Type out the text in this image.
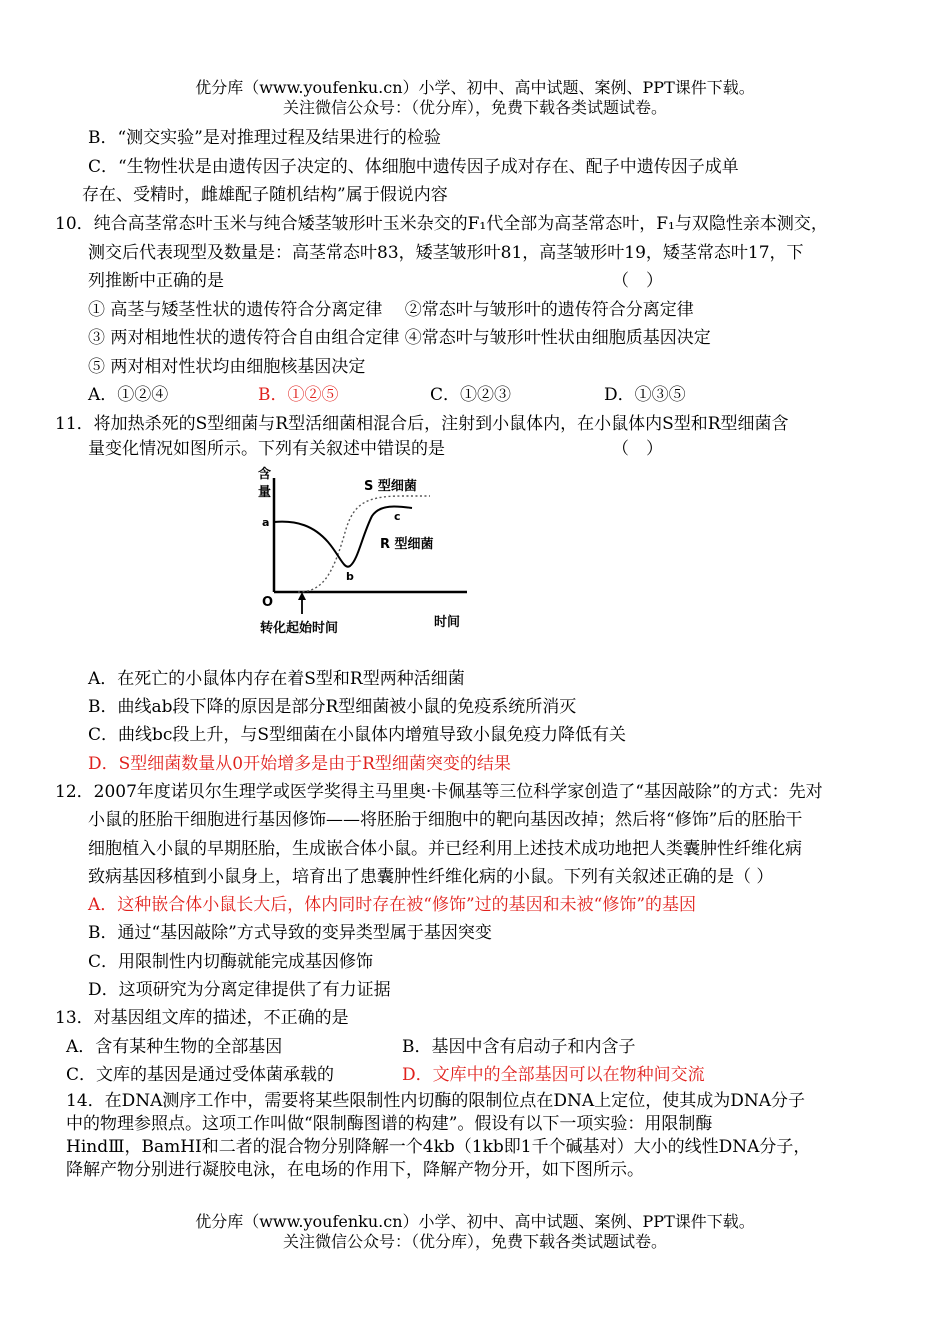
优分库（www.youfenku.cn）小学、初中、高中试题、案例、PPT课件下载。
关注微信公众号：（优分库），免费下载各类试题试卷。
B．“测交实验”是对推理过程及结果进行的检验
C．“生物性状是由遗传因子决定的、体细胞中遗传因子成对存在、配子中遗传因子成单
存在、受精时，雌雄配子随机结构”属于假说内容
10．纯合高茎常态叶玉米与纯合矮茎皱形叶玉米杂交的F₁代全部为高茎常态叶，F₁与双隐性亲本测交，
测交后代表现型及数量是：高茎常态叶83，矮茎皱形叶81，高茎皱形叶19，矮茎常态叶17，下
列推断中正确的是	（　）
① 高茎与矮茎性状的遗传符合分离定律　 ②常态叶与皱形叶的遗传符合分离定律
③ 两对相地性状的遗传符合自由组合定律 ④常态叶与皱形叶性状由细胞质基因决定
⑤ 两对相对性状均由细胞核基因决定
A．①②④	B．①②⑤	C．①②③	D．①③⑤
11．将加热杀死的S型细菌与R型活细菌相混合后，注射到小鼠体内，在小鼠体内S型和R型细菌含
量变化情况如图所示。下列有关叙述中错误的是	（　）
含
量
O
a
时间
S 型细菌
c
b
R 型细菌
转化起始时间
A．在死亡的小鼠体内存在着S型和R型两种活细菌
B．曲线ab段下降的原因是部分R型细菌被小鼠的免疫系统所消灭
C．曲线bc段上升，与S型细菌在小鼠体内增殖导致小鼠免疫力降低有关
D．S型细菌数量从0开始增多是由于R型细菌突变的结果
12．2007年度诺贝尔生理学或医学奖得主马里奥·卡佩基等三位科学家创造了“基因敲除”的方式：先对
小鼠的胚胎干细胞进行基因修饰——将胚胎于细胞中的靶向基因改掉；然后将“修饰”后的胚胎干
细胞植入小鼠的早期胚胎，生成嵌合体小鼠。并已经利用上述技术成功地把人类囊肿性纤维化病
致病基因移植到小鼠身上，培育出了患囊肿性纤维化病的小鼠。下列有关叙述正确的是（ ）
A．这种嵌合体小鼠长大后，体内同时存在被“修饰”过的基因和未被“修饰”的基因
B．通过“基因敲除”方式导致的变异类型属于基因突变
C．用限制性内切酶就能完成基因修饰
D．这项研究为分离定律提供了有力证据
13．对基因组文库的描述，不正确的是
A．含有某种生物的全部基因	B．基因中含有启动子和内含子
C．文库的基因是通过受体菌承载的	D．文库中的全部基因可以在物种间交流
14．在DNA测序工作中，需要将某些限制性内切酶的限制位点在DNA上定位，使其成为DNA分子
中的物理参照点。这项工作叫做“限制酶图谱的构建”。假设有以下一项实验：用限制酶
HindⅢ，BamHI和二者的混合物分别降解一个4kb（1kb即1千个碱基对）大小的线性DNA分子，
降解产物分别进行凝胶电泳，在电场的作用下，降解产物分开，如下图所示。
优分库（www.youfenku.cn）小学、初中、高中试题、案例、PPT课件下载。
关注微信公众号：（优分库），免费下载各类试题试卷。
